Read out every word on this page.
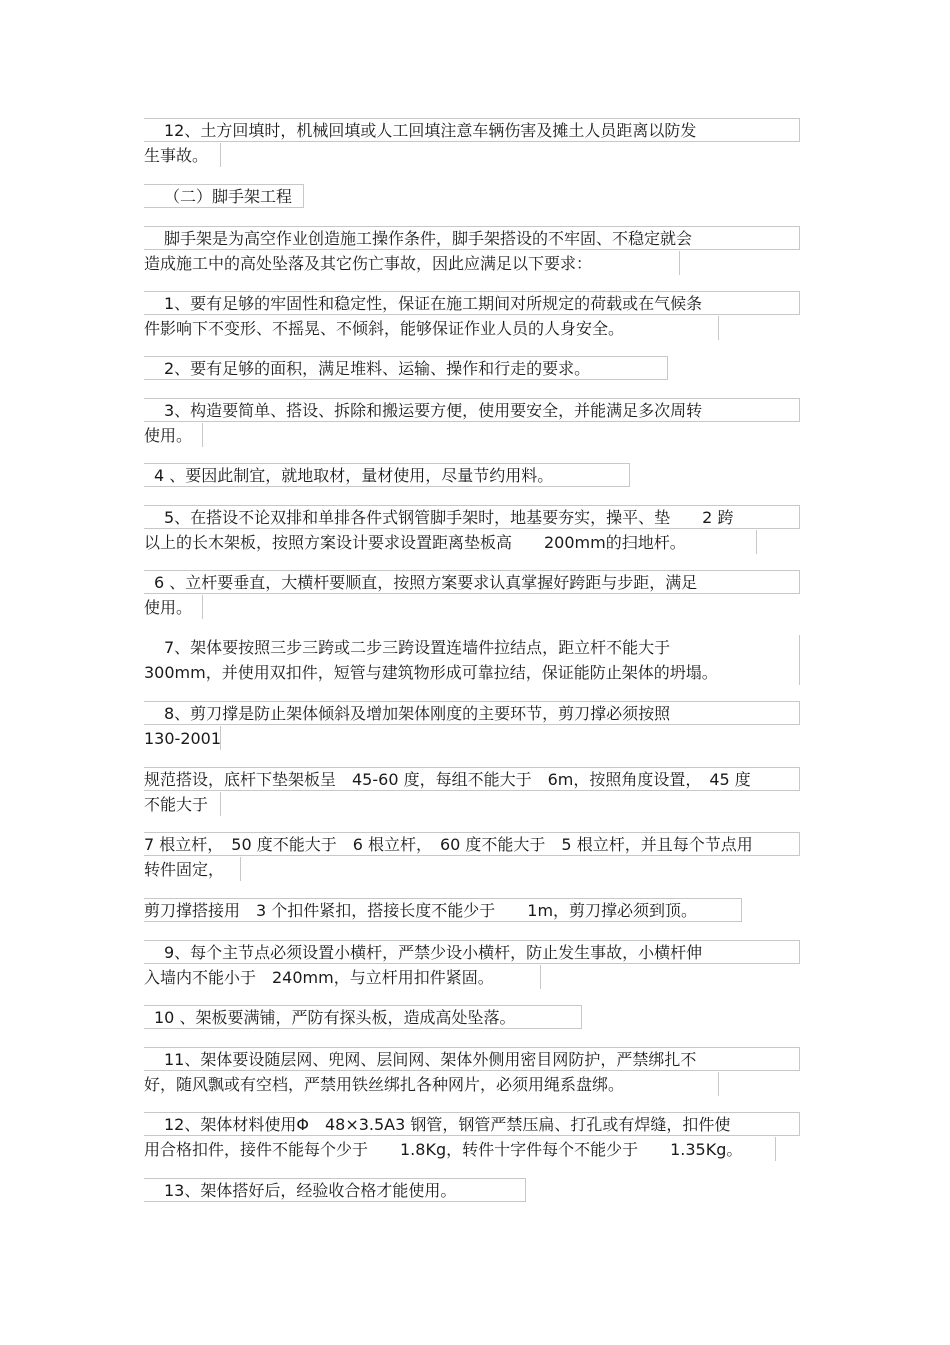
12、土方回填时，机械回填或人工回填注意车辆伤害及摊土人员距离以防发
生事故。
（二）脚手架工程
脚手架是为高空作业创造施工操作条件，脚手架搭设的不牢固、不稳定就会
造成施工中的高处坠落及其它伤亡事故，因此应满足以下要求：
1、要有足够的牢固性和稳定性，保证在施工期间对所规定的荷载或在气候条
件影响下不变形、不摇晃、不倾斜，能够保证作业人员的人身安全。
2、要有足够的面积，满足堆料、运输、操作和行走的要求。
3、构造要简单、搭设、拆除和搬运要方便，使用要安全，并能满足多次周转
使用。
4 、要因此制宜，就地取材，量材使用，尽量节约用料。
5、在搭设不论双排和单排各件式钢管脚手架时，地基要夯实，操平、垫　　2 跨
以上的长木架板，按照方案设计要求设置距离垫板高　　200mm的扫地杆。
6 、立杆要垂直，大横杆要顺直，按照方案要求认真掌握好跨距与步距，满足
使用。
7、架体要按照三步三跨或二步三跨设置连墙件拉结点，距立杆不能大于
300mm，并使用双扣件，短管与建筑物形成可靠拉结，保证能防止架体的坍塌。
8、剪刀撑是防止架体倾斜及增加架体刚度的主要环节，剪刀撑必须按照
130-2001
规范搭设，底杆下垫架板呈　45-60 度，每组不能大于　6m，按照角度设置，　45 度
不能大于
7 根立杆，　50 度不能大于　6 根立杆，　60 度不能大于　5 根立杆，并且每个节点用
转件固定，
剪刀撑搭接用　3 个扣件紧扣，搭接长度不能少于　　1m，剪刀撑必须到顶。
9、每个主节点必须设置小横杆，严禁少设小横杆，防止发生事故，小横杆伸
入墙内不能小于　240mm，与立杆用扣件紧固。
10 、架板要满铺，严防有探头板，造成高处坠落。
11、架体要设随层网、兜网、层间网、架体外侧用密目网防护，严禁绑扎不
好，随风飘或有空档，严禁用铁丝绑扎各种网片，必须用绳系盘绑。
12、架体材料使用Φ　48×3.5A3 钢管，钢管严禁压扁、打孔或有焊缝，扣件使
用合格扣件，接件不能每个少于　　1.8Kg，转件十字件每个不能少于　　1.35Kg。
13、架体搭好后，经验收合格才能使用。
